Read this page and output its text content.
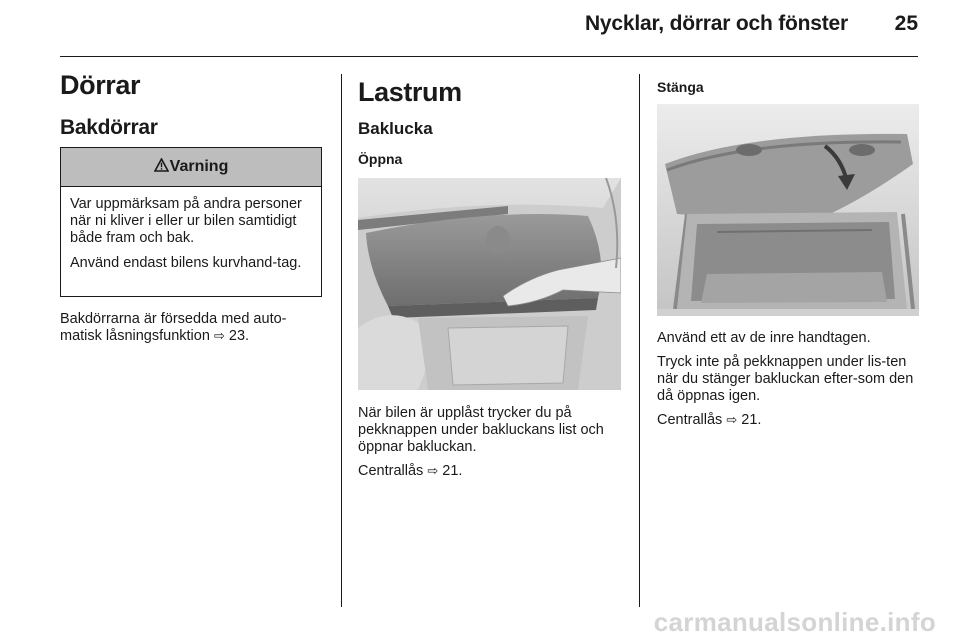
Nycklar, dörrar och fönster 25
Dörrar
Bakdörrar
Varning

Var uppmärksam på andra personer när ni kliver i eller ur bilen samtidigt både fram och bak.

Använd endast bilens kurvhand-tag.

Bakdörrarna är försedda med auto-matisk låsningsfunktion ⇨ 23.

Lastrum
Baklucka
Öppna

När bilen är upplåst trycker du på pekknappen under bakluckans list och öppnar bakluckan.

Centrallås ⇨ 21.

Stänga

Använd ett av de inre handtagen.

Tryck inte på pekknappen under lis-ten när du stänger bakluckan efter-som den då öppnas igen.

Centrallås ⇨ 21.

carmanualsonline.info
